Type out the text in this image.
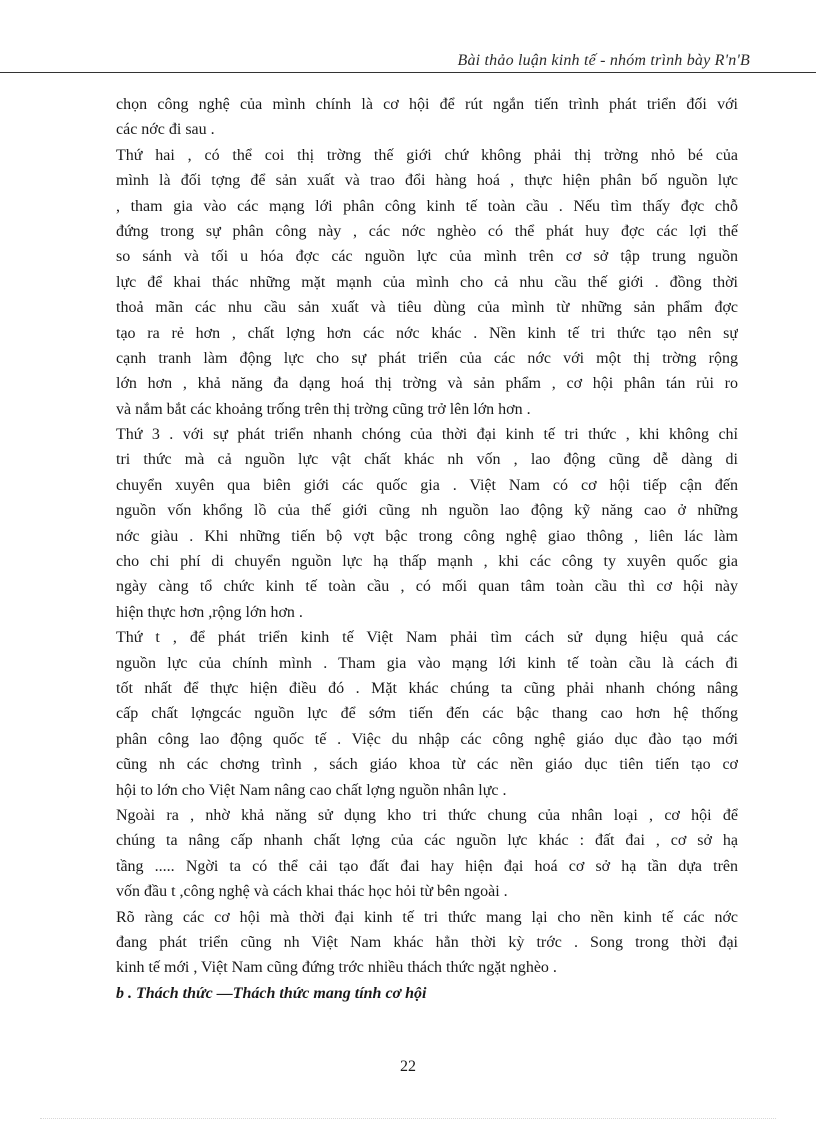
Bài thảo luận kinh tế - nhóm trình bày R'n'B
chọn công nghệ của mình chính là cơ hội để rút ngắn tiến trình phát triển đối với
các nớc đi sau .
Thứ hai , có thể coi thị trờng thế giới chứ không phải thị trờng nhỏ bé của
mình là đối tợng để sản xuất và trao đổi hàng hoá , thực hiện phân bố nguồn lực
, tham gia vào các mạng lới phân công kinh tế toàn cầu . Nếu tìm thấy đợc chỗ
đứng trong sự phân công này , các nớc nghèo có thể phát huy đợc các lợi thế
so sánh và tối u hóa đợc các nguồn lực của mình trên cơ sở tập trung nguồn
lực để khai thác những mặt mạnh của mình cho cả nhu cầu thế giới . đồng thời
thoả mãn các nhu cầu sản xuất và tiêu dùng của mình từ những sản phẩm đợc
tạo ra rẻ hơn , chất lợng hơn các nớc khác . Nền kinh tế tri thức tạo nên sự
cạnh tranh làm động lực cho sự phát triển của các nớc với một thị trờng rộng
lớn hơn , khả năng đa dạng hoá thị trờng và sản phẩm , cơ hội phân tán rủi ro
và nắm bắt các khoảng trống trên thị trờng cũng trở lên lớn hơn .
Thứ 3 . với sự phát triển nhanh chóng của thời đại kinh tế tri thức , khi không chỉ
tri thức mà cả nguồn lực vật chất khác nh vốn , lao động cũng dễ dàng di
chuyển xuyên qua biên giới các quốc gia . Việt Nam có cơ hội tiếp cận đến
nguồn vốn khổng lồ của thế giới cũng nh nguồn lao động kỹ năng cao ở những
nớc giàu . Khi những tiến bộ vợt bậc trong công nghệ giao thông , liên lác làm
cho chi phí di chuyển nguồn lực hạ thấp mạnh , khi các công ty xuyên quốc gia
ngày càng tổ chức kinh tế toàn cầu , có mối quan tâm toàn cầu thì cơ hội này
hiện thực hơn ,rộng lớn hơn .
Thứ t , để phát triển kinh tế Việt Nam phải tìm cách sử dụng hiệu quả các
nguồn lực của chính mình . Tham gia vào mạng lới kinh tế toàn cầu là cách đi
tốt nhất để thực hiện điều đó . Mặt khác chúng ta cũng phải nhanh chóng nâng
cấp chất lợngcác nguồn lực để sớm tiến đến các bậc thang cao hơn hệ thống
phân công lao động quốc tế . Việc du nhập các công nghệ giáo dục đào tạo mới
cũng nh các chơng trình , sách giáo khoa từ các nền giáo dục tiên tiến tạo cơ
hội to lớn cho Việt Nam nâng cao chất lợng nguồn nhân lực .
Ngoài ra , nhờ khả năng sử dụng kho tri thức chung của nhân loại , cơ hội để
chúng ta nâng cấp nhanh chất lợng của các nguồn lực khác : đất đai , cơ sở hạ
tầng ..... Ngời ta có thể cải tạo đất đai hay hiện đại hoá cơ sở hạ tần dựa trên
vốn đầu t ,công nghệ và cách khai thác học hỏi từ bên ngoài .
Rõ ràng các cơ hội mà thời đại kinh tế tri thức mang lại cho nền kinh tế các nớc
đang phát triển cũng nh Việt Nam khác hẳn thời kỳ trớc . Song trong thời đại
kinh tế mới , Việt Nam cũng đứng trớc nhiều thách thức ngặt nghèo .
b . Thách thức —Thách thức mang tính cơ hội
22
